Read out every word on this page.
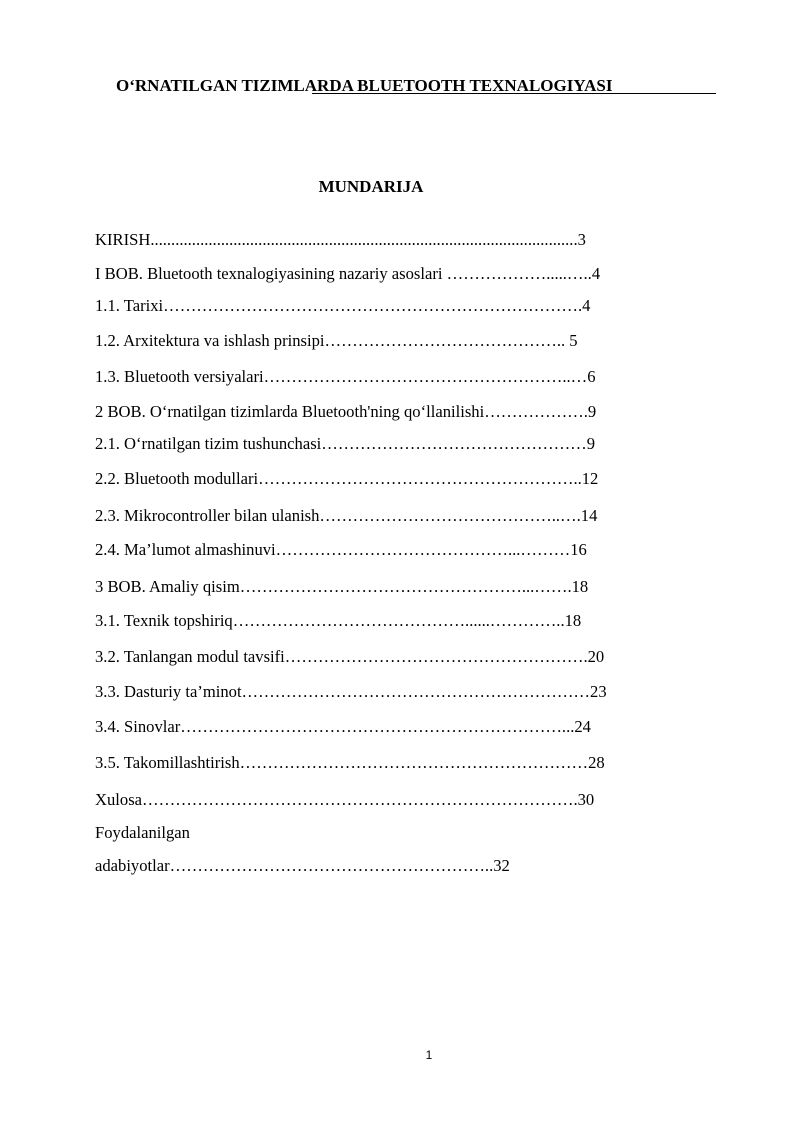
O‘RNATILGAN TIZIMLARDA BLUETOOTH TEXNALOGIYASI
MUNDARIJA
KIRISH.......................................................................................................3
I BOB. Bluetooth texnalogiyasining nazariy asoslari ……………….....…..4
1.1. Tarixi………………………………………………………………….4
1.2. Arxitektura va ishlash prinsipi…………………………………….. 5
1.3. Bluetooth versiyalari………………………………………………..…6
2 BOB. O‘rnatilgan tizimlarda Bluetooth'ning qo‘llanilishi……………….9
2.1. O‘rnatilgan tizim tushunchasi…………………………………………9
2.2. Bluetooth modullari…………………………………………………..12
2.3. Mikrocontroller bilan ulanish……………………………………..….14
2.4. Ma’lumot almashinuvi……………………………………...………16
3 BOB. Amaliy qisim……………………………………………...…….18
3.1. Texnik topshiriq……………………………………......…………..18
3.2. Tanlangan modul tavsifi……………………………………………….20
3.3. Dasturiy ta’minot………………………………………………………23
3.4. Sinovlar……………………………………………………………...24
3.5. Takomillashtirish………………………………………………………28
Xulosa…………………………………………………………………….30
Foydalanilgan
adabiyotlar…………………………………………………..32
1
